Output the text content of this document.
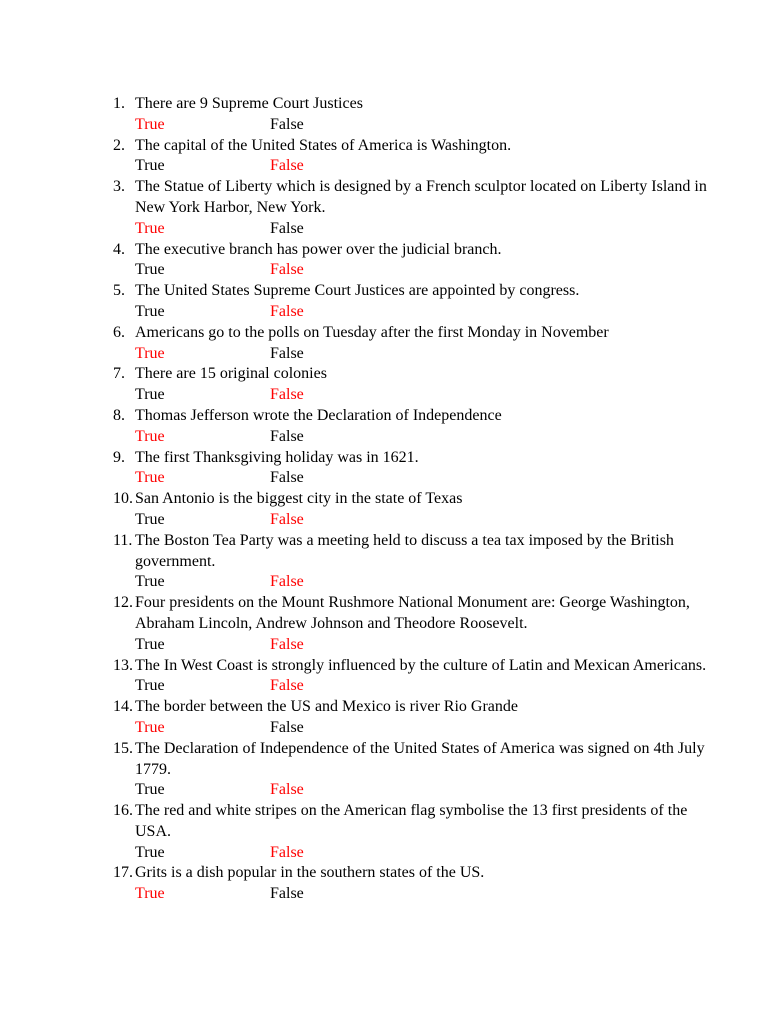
1. There are 9 Supreme Court Justices
True	False
2. The capital of the United States of America is Washington.
True	False
3. The Statue of Liberty which is designed by a French sculptor located on Liberty Island in New York Harbor, New York.
True	False
4. The executive branch has power over the judicial branch.
True	False
5. The United States Supreme Court Justices are appointed by congress.
True	False
6. Americans go to the polls on Tuesday after the first Monday in November
True	False
7. There are 15 original colonies
True	False
8. Thomas Jefferson wrote the Declaration of Independence
True	False
9. The first Thanksgiving holiday was in 1621.
True	False
10. San Antonio is the biggest city in the state of Texas
True	False
11. The Boston Tea Party was a meeting held to discuss a tea tax imposed by the British government.
True	False
12. Four presidents on the Mount Rushmore National Monument are: George Washington, Abraham Lincoln, Andrew Johnson and Theodore Roosevelt.
True	False
13. The In West Coast is strongly influenced by the culture of Latin and Mexican Americans.
True	False
14. The border between the US and Mexico is river Rio Grande
True	False
15. The Declaration of Independence of the United States of America was signed on 4th July 1779.
True	False
16. The red and white stripes on the American flag symbolise the 13 first presidents of the USA.
True	False
17. Grits is a dish popular in the southern states of the US.
True	False
